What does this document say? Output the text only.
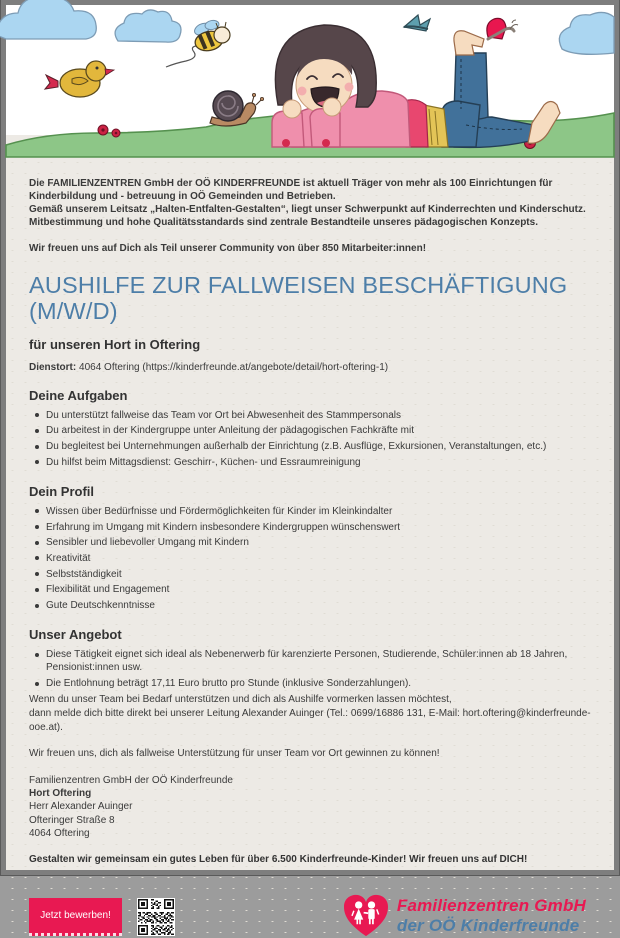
Die FAMILIENZENTREN GmbH der OÖ KINDERFREUNDE ist aktuell Träger von mehr als 100 Einrichtungen für Kinderbildung und - betreuung in OÖ Gemeinden und Betrieben.

Gemäß unserem Leitsatz „Halten-Entfalten-Gestalten“, liegt unser Schwerpunkt auf Kinderrechten und Kinderschutz. Mitbestimmung und hohe Qualitätsstandards sind zentrale Bestandteile unseres pädagogischen Konzepts.

Wir freuen uns auf Dich als Teil unserer Community von über 850 Mitarbeiter:innen!

AUSHILFE ZUR FALLWEISEN BESCHÄFTIGUNG (M/W/D)
für unseren Hort in Oftering

Dienstort: 4064 Oftering (https://kinderfreunde.at/angebote/detail/hort-oftering-1)

Deine Aufgaben
Du unterstützt fallweise das Team vor Ort bei Abwesenheit des Stammpersonals
Du arbeitest in der Kindergruppe unter Anleitung der pädagogischen Fachkräfte mit
Du begleitest bei Unternehmungen außerhalb der Einrichtung (z.B. Ausflüge, Exkursionen, Veranstaltungen, etc.)
Du hilfst beim Mittagsdienst: Geschirr-, Küchen- und Essraumreinigung
Dein Profil
Wissen über Bedürfnisse und Fördermöglichkeiten für Kinder im Kleinkindalter
Erfahrung im Umgang mit Kindern insbesondere Kindergruppen wünschenswert
Sensibler und liebevoller Umgang mit Kindern
Kreativität
Selbstständigkeit
Flexibilität und Engagement
Gute Deutschkenntnisse
Unser Angebot
Diese Tätigkeit eignet sich ideal als Nebenerwerb für karenzierte Personen, Studierende, Schüler:innen ab 18 Jahren, Pensionist:innen usw.
Die Entlohnung beträgt 17,11 Euro brutto pro Stunde (inklusive Sonderzahlungen).

Wenn du unser Team bei Bedarf unterstützen und dich als Aushilfe vormerken lassen möchtest,

dann melde dich bitte direkt bei unserer Leitung Alexander Auinger (Tel.: 0699/16886 131, E-Mail: hort.oftering@kinderfreunde-ooe.at).

Wir freuen uns, dich als fallweise Unterstützung für unser Team vor Ort gewinnen zu können!

Familienzentren GmbH der OÖ Kinderfreunde
Hort Oftering
Herr Alexander Auinger
Ofteringer Straße 8
4064 Oftering

Gestalten wir gemeinsam ein gutes Leben für über 6.500 Kinderfreunde-Kinder! Wir freuen uns auf DICH!

Jetzt bewerben!
Familienzentren GmbH
der OÖ Kinderfreunde
